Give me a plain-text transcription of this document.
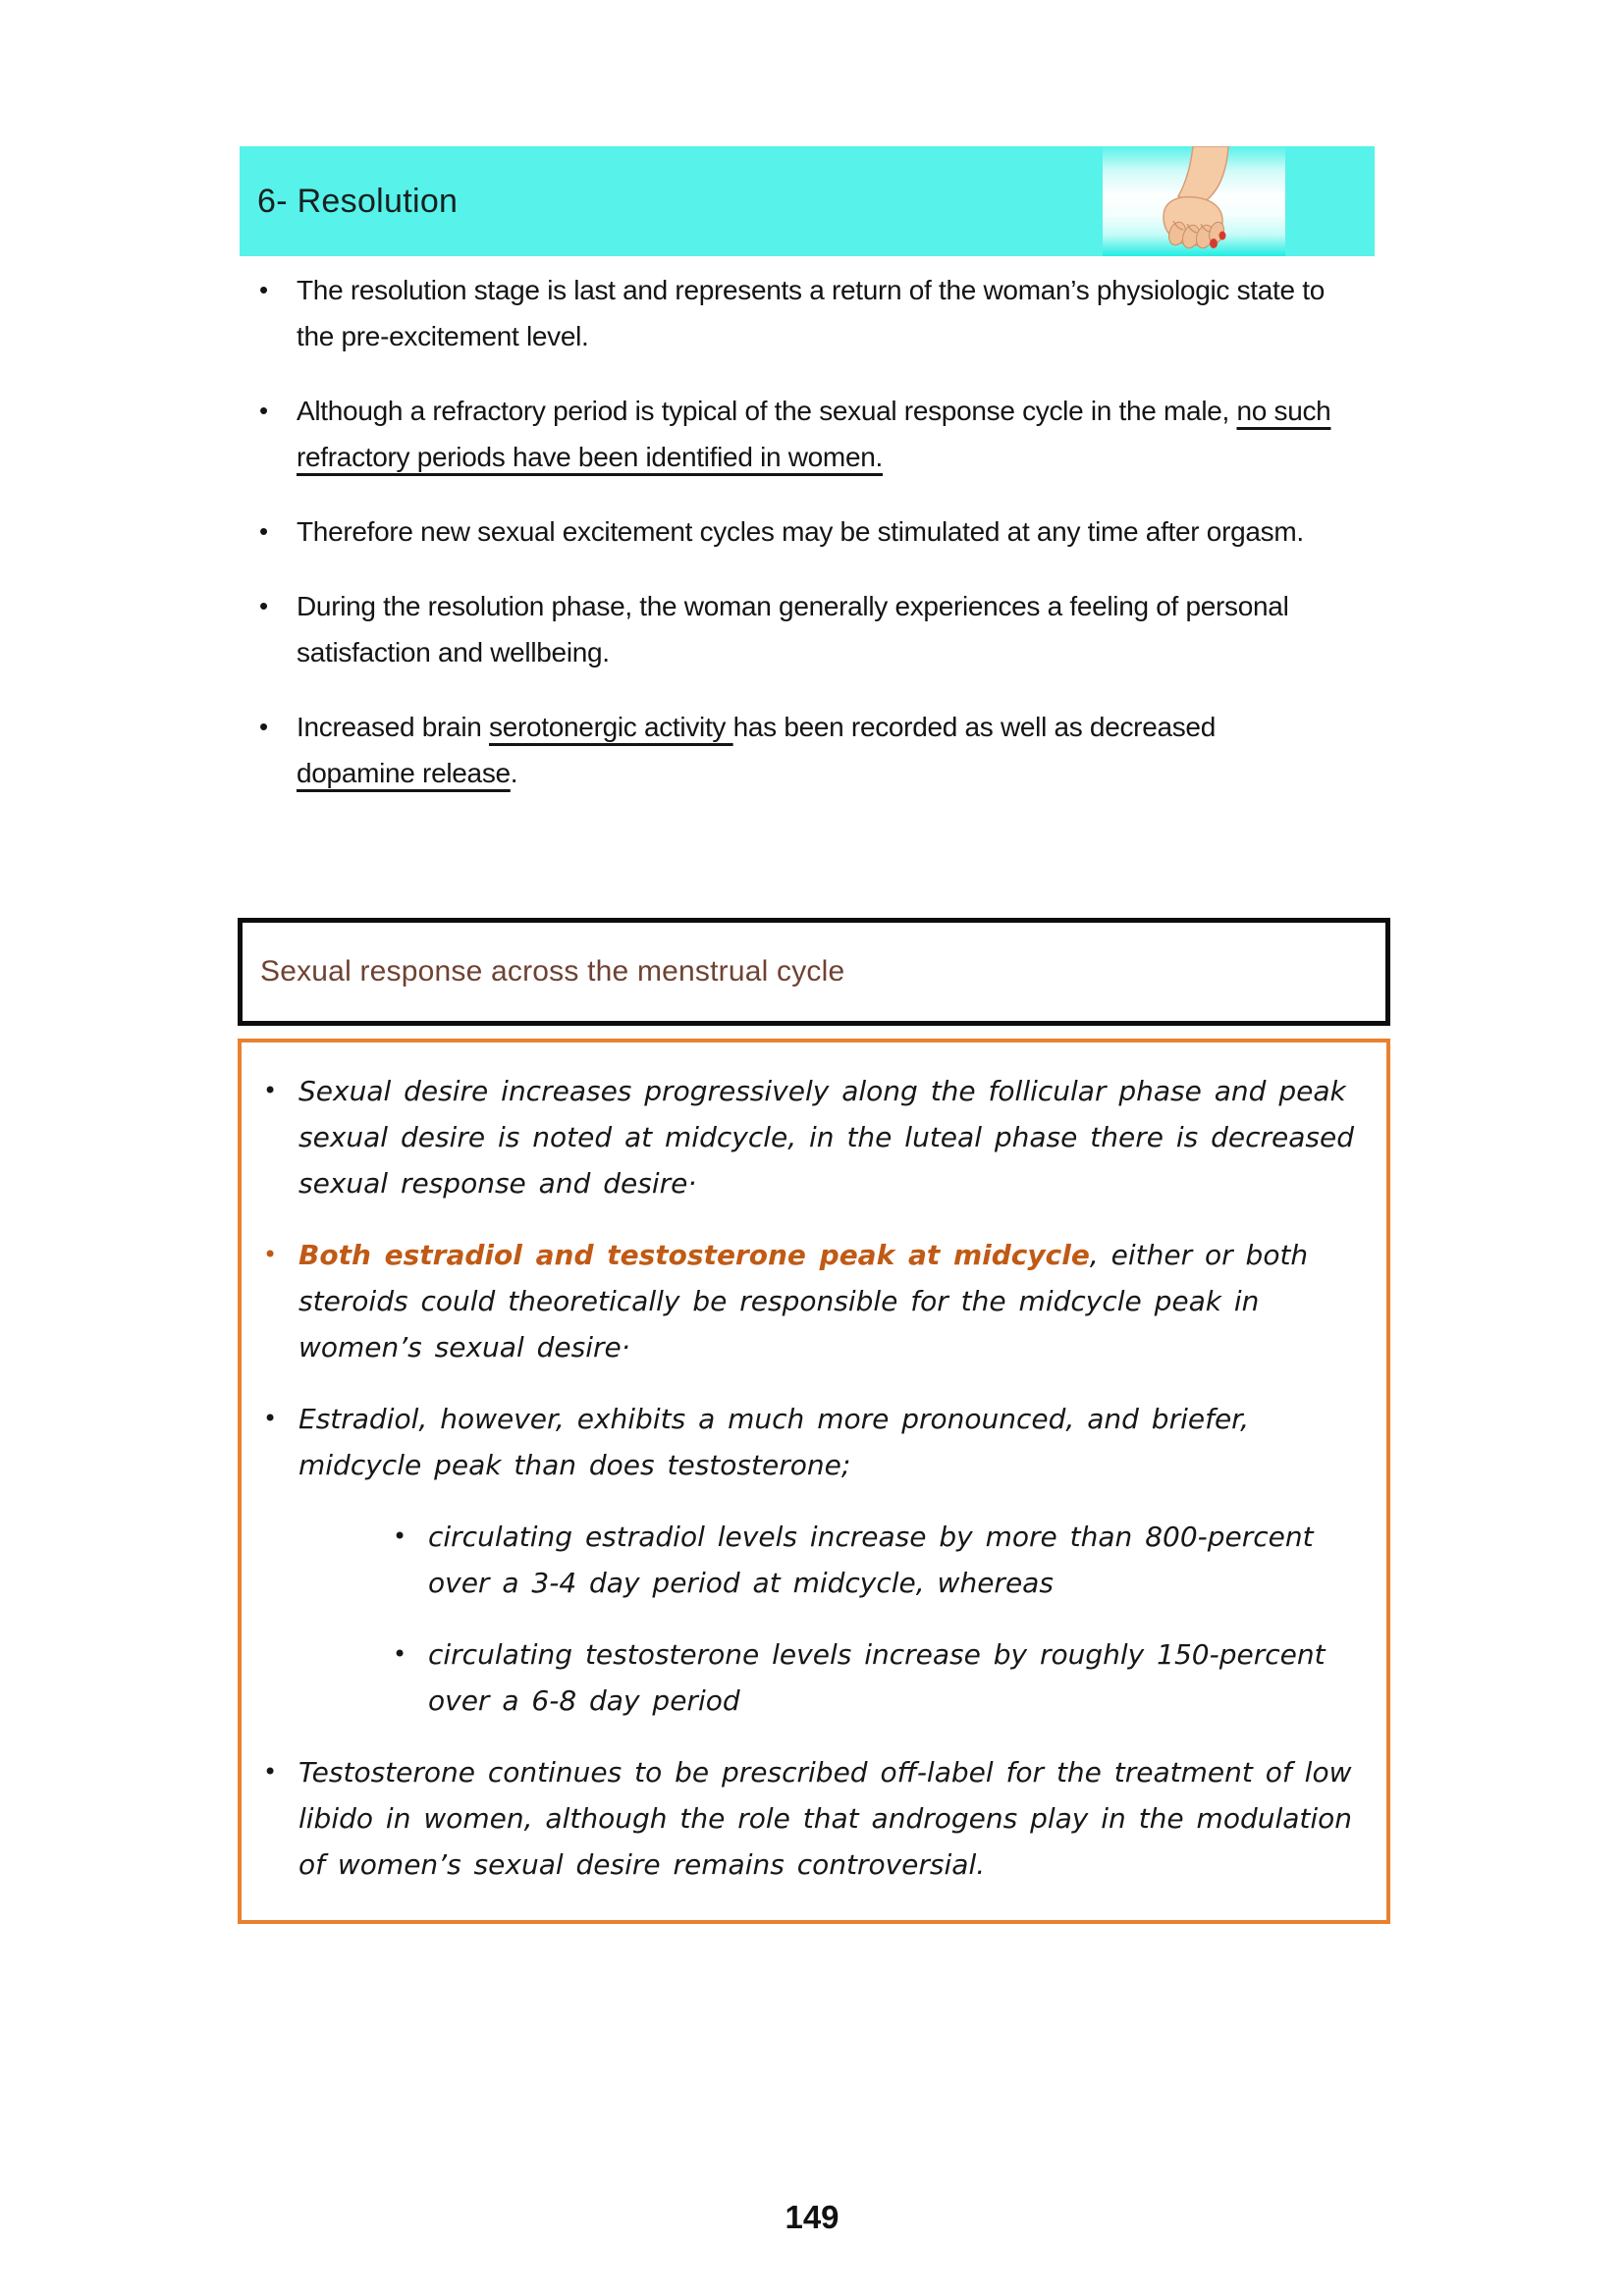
6- Resolution
• The resolution stage is last and represents a return of the woman’s physiologic state to the pre-excitement level.
• Although a refractory period is typical of the sexual response cycle in the male, no such refractory periods have been identified in women.
• Therefore new sexual excitement cycles may be stimulated at any time after orgasm.
• During the resolution phase, the woman generally experiences a feeling of personal satisfaction and wellbeing.
• Increased brain serotonergic activity has been recorded as well as decreased dopamine release.
Sexual response across the menstrual cycle
• Sexual desire increases progressively along the follicular phase and peak sexual desire is noted at midcycle, in the luteal phase there is decreased sexual response and desire·
• Both estradiol and testosterone peak at midcycle, either or both steroids could theoretically be responsible for the midcycle peak in women’s sexual desire·
• Estradiol, however, exhibits a much more pronounced, and briefer, midcycle peak than does testosterone;
• circulating estradiol levels increase by more than 800-percent over a 3-4 day period at midcycle, whereas
• circulating testosterone levels increase by roughly 150-percent over a 6-8 day period
• Testosterone continues to be prescribed off-label for the treatment of low libido in women, although the role that androgens play in the modulation of women’s sexual desire remains controversial.
149
